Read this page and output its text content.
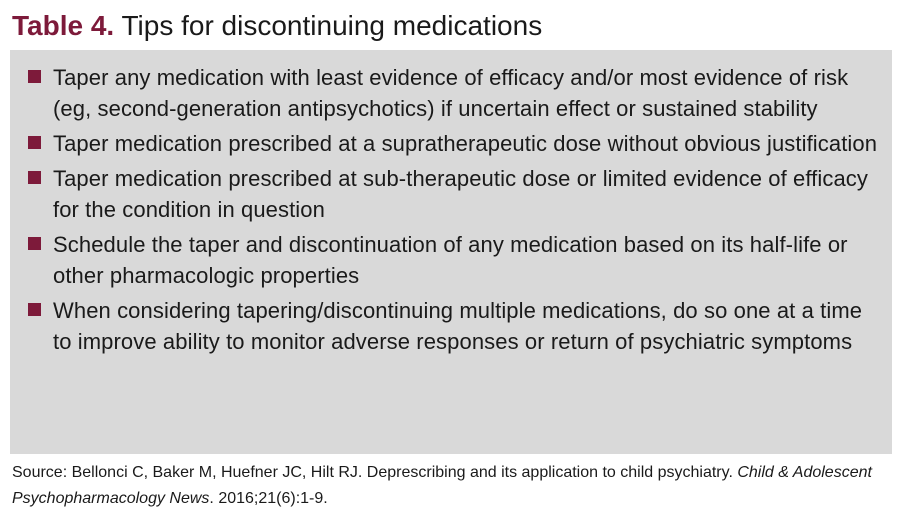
Table 4. Tips for discontinuing medications
Taper any medication with least evidence of efficacy and/or most evidence of risk (eg, second-generation antipsychotics) if uncertain effect or sustained stability
Taper medication prescribed at a supratherapeutic dose without obvious justification
Taper medication prescribed at sub-therapeutic dose or limited evidence of efficacy for the condition in question
Schedule the taper and discontinuation of any medication based on its half-life or other pharmacologic properties
When considering tapering/discontinuing multiple medications, do so one at a time to improve ability to monitor adverse responses or return of psychiatric symptoms
Source: Bellonci C, Baker M, Huefner JC, Hilt RJ. Deprescribing and its application to child psychiatry. Child & Adolescent Psychopharmacology News. 2016;21(6):1-9.
